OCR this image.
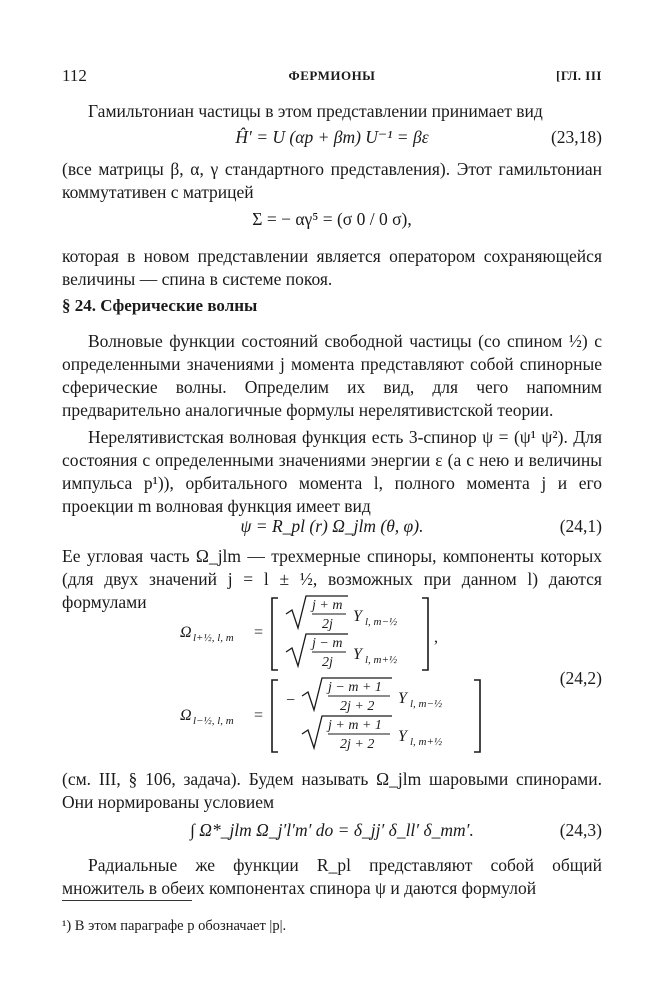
112	ФЕРМИОНЫ	[ГЛ. III

Гамильтониан частицы в этом представлении принимает вид

Ĥ′ = U (αp + βm) U⁻¹ = βε	(23,18)

(все матрицы β, α, γ стандартного представления). Этот гамильтониан коммутативен с матрицей

Σ = − αγ⁵ = (σ 0 / 0 σ),

которая в новом представлении является оператором сохраняющейся величины — спина в системе покоя.

§ 24. Сферические волны

Волновые функции состояний свободной частицы (со спином ½) с определенными значениями j момента представляют собой спинорные сферические волны. Определим их вид, для чего напомним предварительно аналогичные формулы нерелятивистской теории.

Нерелятивистская волновая функция есть 3-спинор ψ = (ψ¹ ψ²). Для состояния с определенными значениями энергии ε (а с нею и величины импульса p¹)), орбитального момента l, полного момента j и его проекции m волновая функция имеет вид

ψ = R_pl (r) Ω_jlm (θ, φ).	(24,1)

Ее угловая часть Ω_jlm — трехмерные спиноры, компоненты которых (для двух значений j = l ± ½, возможных при данном l) даются формулами

Ω l+½, l, m =
j + m
2j Y l, m−½
j − m
2j Y l, m+½
,
Ω l−½, l, m =
−
j − m + 1
2j + 2 Y l, m−½
j + m + 1
2j + 2 Y l, m+½
(24,2)

(см. III, § 106, задача). Будем называть Ω_jlm шаровыми спинорами. Они нормированы условием

∫ Ω*_jlm Ω_j′l′m′ do = δ_jj′ δ_ll′ δ_mm′.	(24,3)

Радиальные же функции R_pl представляют собой общий множитель в обеих компонентах спинора ψ и даются формулой

¹) В этом параграфе p обозначает |p|.
